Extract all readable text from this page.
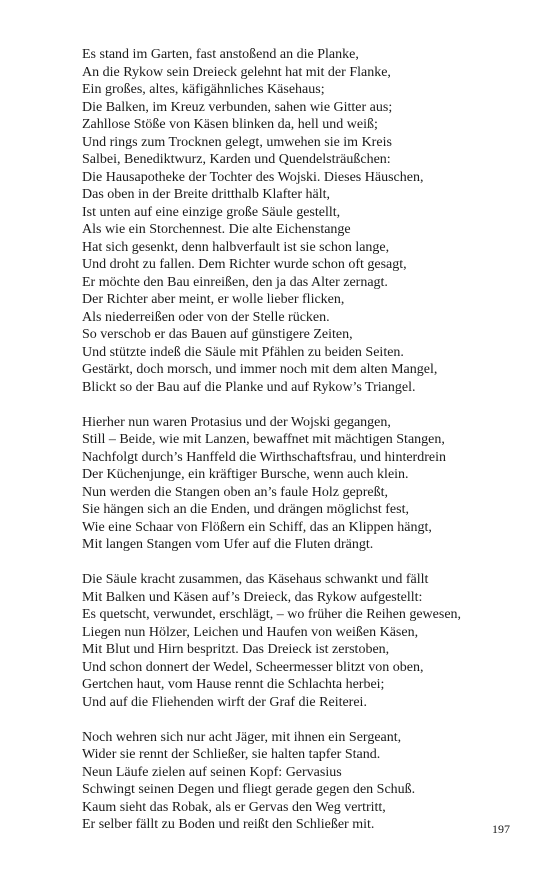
Es stand im Garten, fast anstoßend an die Planke,
An die Rykow sein Dreieck gelehnt hat mit der Flanke,
Ein großes, altes, käfigähnliches Käsehaus;
Die Balken, im Kreuz verbunden, sahen wie Gitter aus;
Zahllose Stöße von Käsen blinken da, hell und weiß;
Und rings zum Trocknen gelegt, umwehen sie im Kreis
Salbei, Benediktwurz, Karden und Quendelsträußchen:
Die Hausapotheke der Tochter des Wojski. Dieses Häuschen,
Das oben in der Breite dritthalb Klafter hält,
Ist unten auf eine einzige große Säule gestellt,
Als wie ein Storchennest. Die alte Eichenstange
Hat sich gesenkt, denn halbverfault ist sie schon lange,
Und droht zu fallen. Dem Richter wurde schon oft gesagt,
Er möchte den Bau einreißen, den ja das Alter zernagt.
Der Richter aber meint, er wolle lieber flicken,
Als niederreißen oder von der Stelle rücken.
So verschob er das Bauen auf günstigere Zeiten,
Und stützte indeß die Säule mit Pfählen zu beiden Seiten.
Gestärkt, doch morsch, und immer noch mit dem alten Mangel,
Blickt so der Bau auf die Planke und auf Rykow’s Triangel.
Hierher nun waren Protasius und der Wojski gegangen,
Still – Beide, wie mit Lanzen, bewaffnet mit mächtigen Stangen,
Nachfolgt durch’s Hanffeld die Wirthschaftsfrau, und hinterdrein
Der Küchenjunge, ein kräftiger Bursche, wenn auch klein.
Nun werden die Stangen oben an’s faule Holz gepreßt,
Sie hängen sich an die Enden, und drängen möglichst fest,
Wie eine Schaar von Flößern ein Schiff, das an Klippen hängt,
Mit langen Stangen vom Ufer auf die Fluten drängt.
Die Säule kracht zusammen, das Käsehaus schwankt und fällt
Mit Balken und Käsen auf’s Dreieck, das Rykow aufgestellt:
Es quetscht, verwundet, erschlägt, – wo früher die Reihen gewesen,
Liegen nun Hölzer, Leichen und Haufen von weißen Käsen,
Mit Blut und Hirn bespritzt. Das Dreieck ist zerstoben,
Und schon donnert der Wedel, Scheermesser blitzt von oben,
Gertchen haut, vom Hause rennt die Schlachta herbei;
Und auf die Fliehenden wirft der Graf die Reiterei.
Noch wehren sich nur acht Jäger, mit ihnen ein Sergeant,
Wider sie rennt der Schließer, sie halten tapfer Stand.
Neun Läufe zielen auf seinen Kopf: Gervasius
Schwingt seinen Degen und fliegt gerade gegen den Schuß.
Kaum sieht das Robak, als er Gervas den Weg vertritt,
Er selber fällt zu Boden und reißt den Schließer mit.	197
